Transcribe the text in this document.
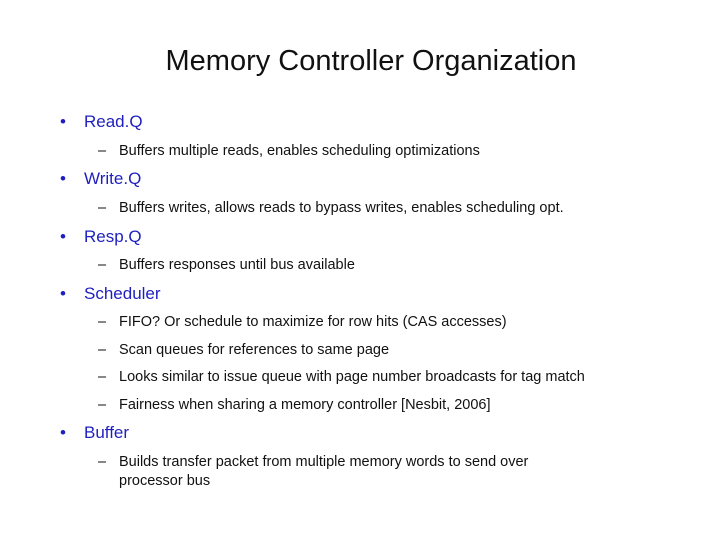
Memory Controller Organization
• Read.Q
– Buffers multiple reads, enables scheduling optimizations
• Write.Q
– Buffers writes, allows reads to bypass writes, enables scheduling opt.
• Resp.Q
– Buffers responses until bus available
• Scheduler
– FIFO? Or schedule to maximize for row hits (CAS accesses)
– Scan queues for references to same page
– Looks similar to issue queue with page number broadcasts for tag match
– Fairness when sharing a memory controller [Nesbit, 2006]
• Buffer
– Builds transfer packet from multiple memory words to send over
processor bus
